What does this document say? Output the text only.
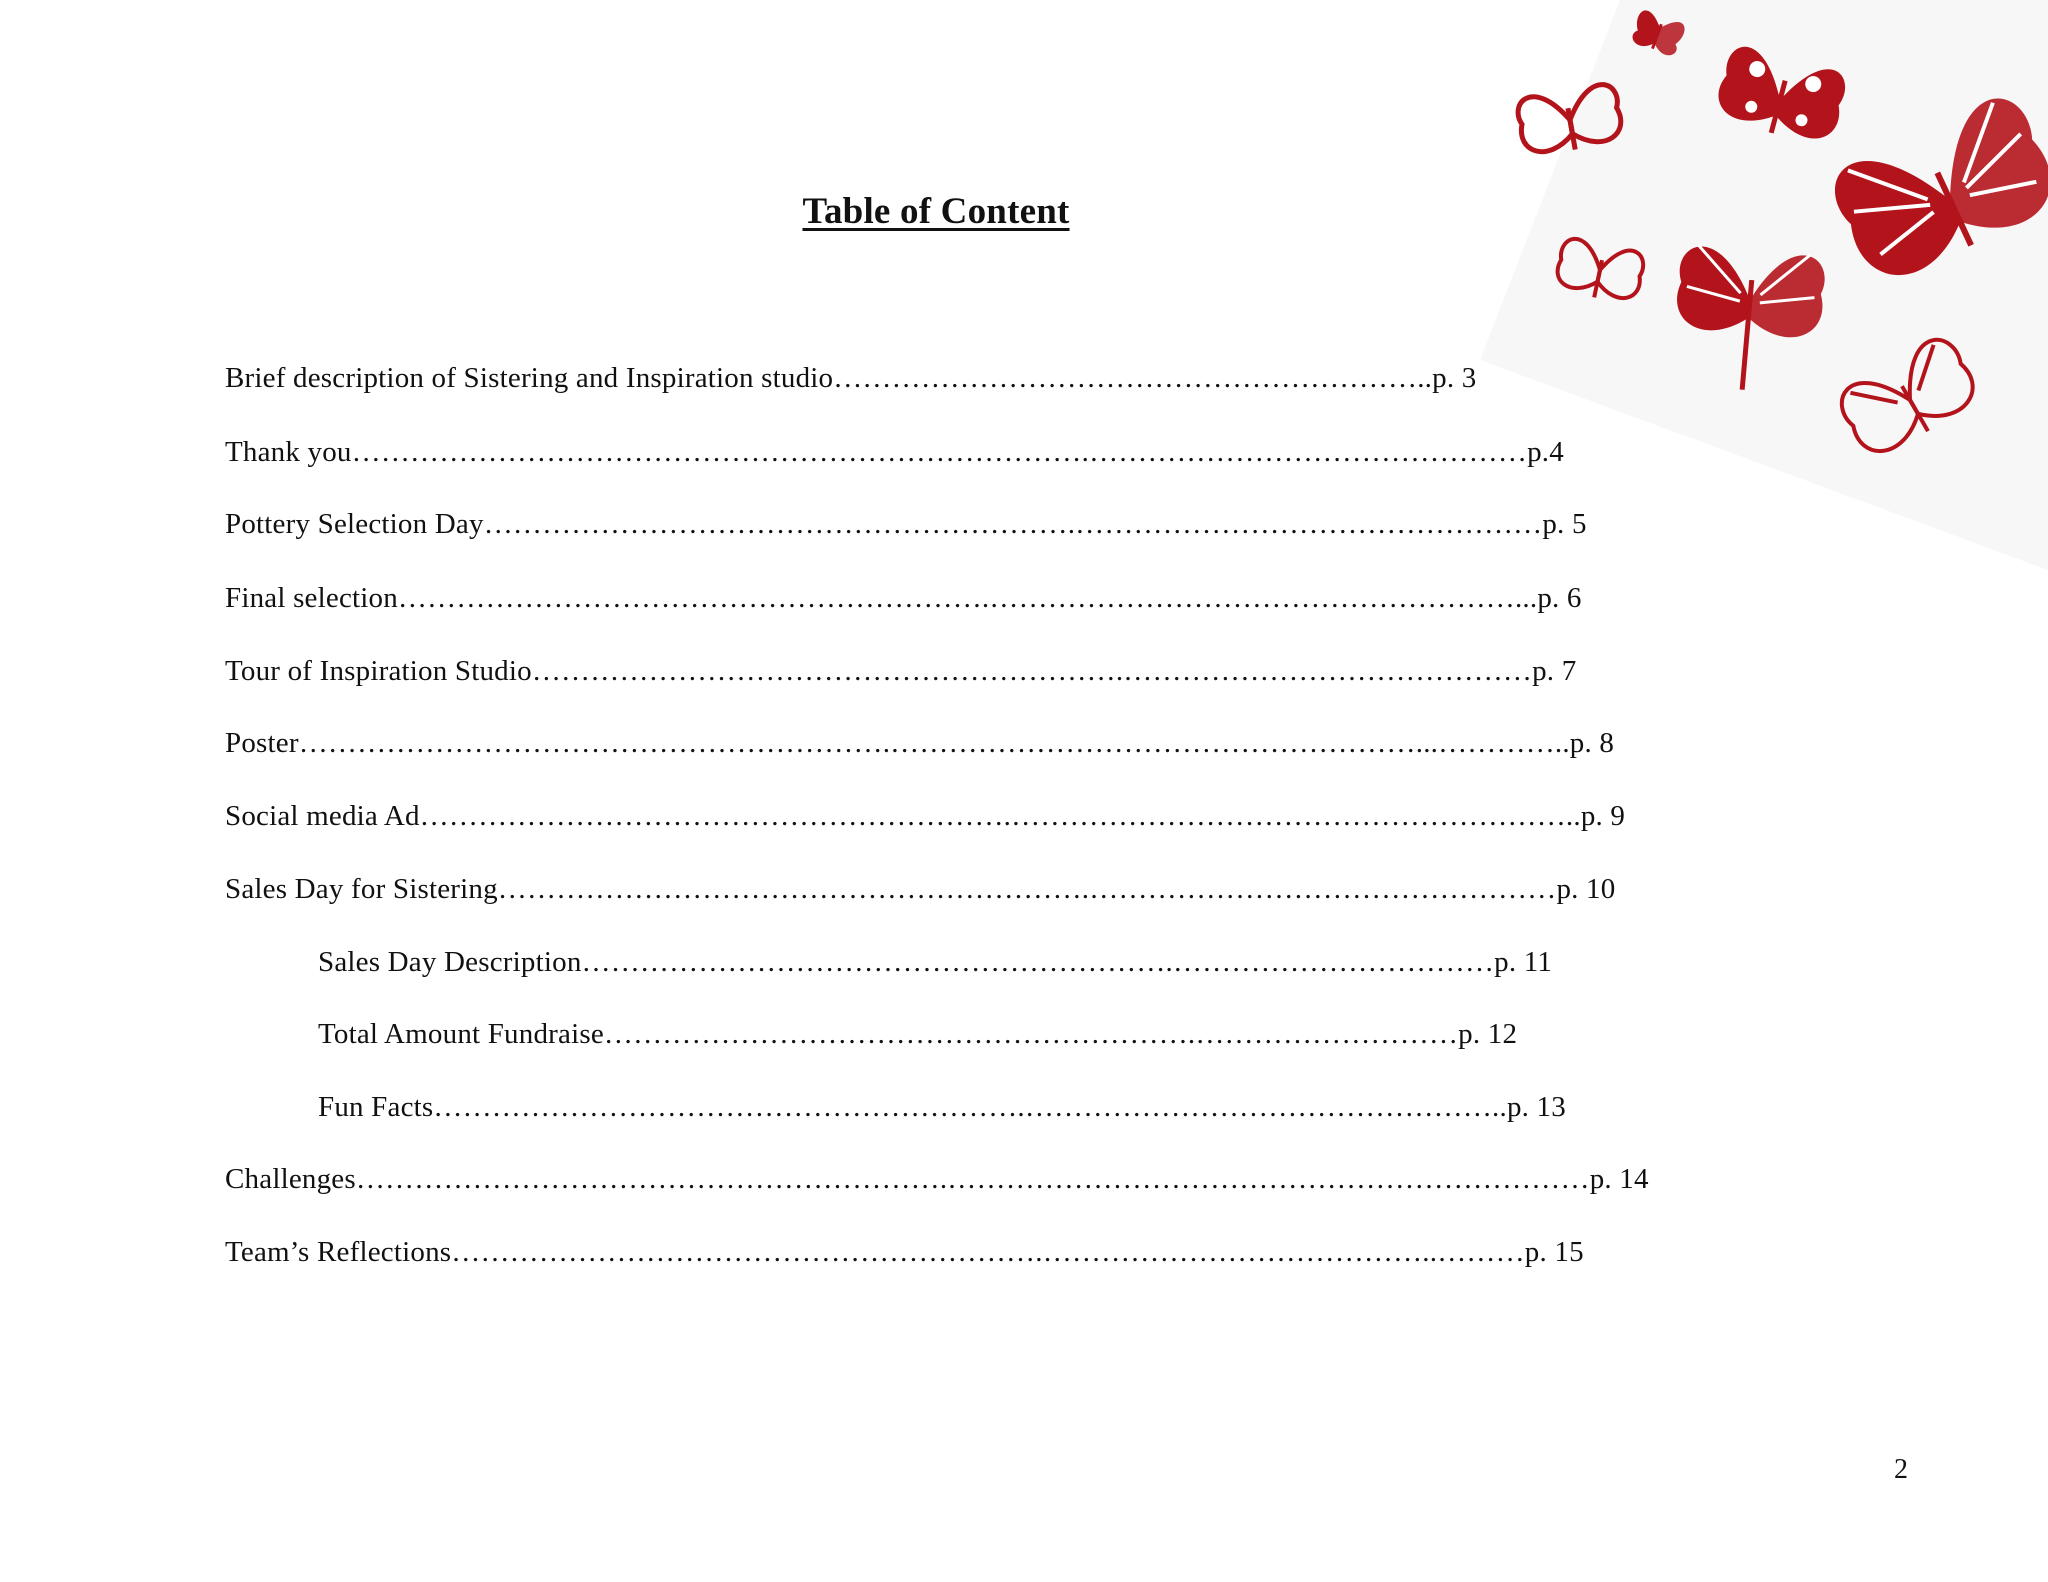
Table of Content
Brief description of Sistering and Inspiration studio……………………………………………………..p. 3
Thank you………………………………………………………………….………………………………………p.4
Pottery Selection Day…………………………………………………….…………………………………………p. 5
Final selection…………………………………………………….………………………………………………...p. 6
Tour of Inspiration Studio…………………………………………………….……………………………………p. 7
Poster…………………………………………………….………………………………………………...…………..p. 8
Social media Ad…………………………………………………….…………………………………………………..p. 9
Sales Day for Sistering…………………………………………………….…………………………………………p. 10
Sales Day Description…………………………………………………….……………………………p. 11
Total Amount Fundraise…………………………………………………….………………………p. 12
Fun Facts…………………………………………………….…………………………………………..p. 13
Challenges…………………………………………………….…………………………………………………………p. 14
Team’s Reflections…………………………………………………….…………………………………..………p. 15
2
